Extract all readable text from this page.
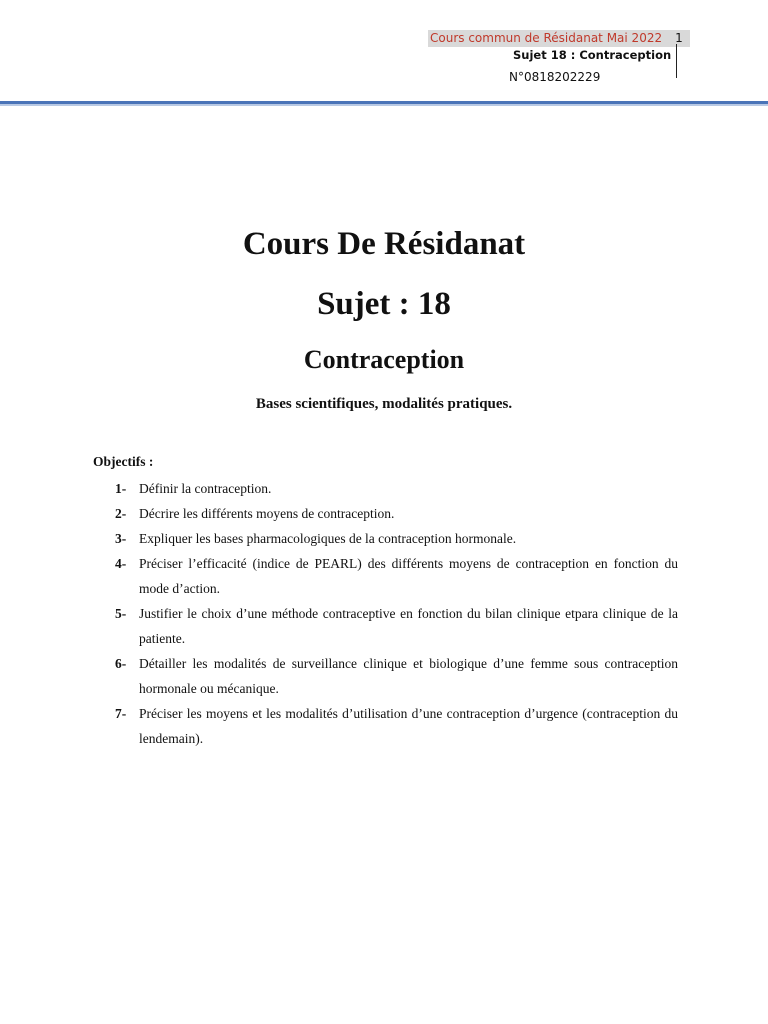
Cours commun de Résidanat Mai 2022	1
Sujet 18 : Contraception
N°0818202229
Cours De Résidanat
Sujet : 18
Contraception
Bases scientifiques, modalités pratiques.
Objectifs :
1- Définir la contraception.
2- Décrire les différents moyens de contraception.
3- Expliquer les bases pharmacologiques de la contraception hormonale.
4- Préciser l’efficacité (indice de PEARL) des différents moyens de contraception en fonction du mode d’action.
5- Justifier le choix d’une méthode contraceptive en fonction du bilan clinique etpara clinique de la patiente.
6- Détailler les modalités de surveillance clinique et biologique d’une femme sous contraception hormonale ou mécanique.
7- Préciser les moyens et les modalités d’utilisation d’une contraception d’urgence (contraception du lendemain).
